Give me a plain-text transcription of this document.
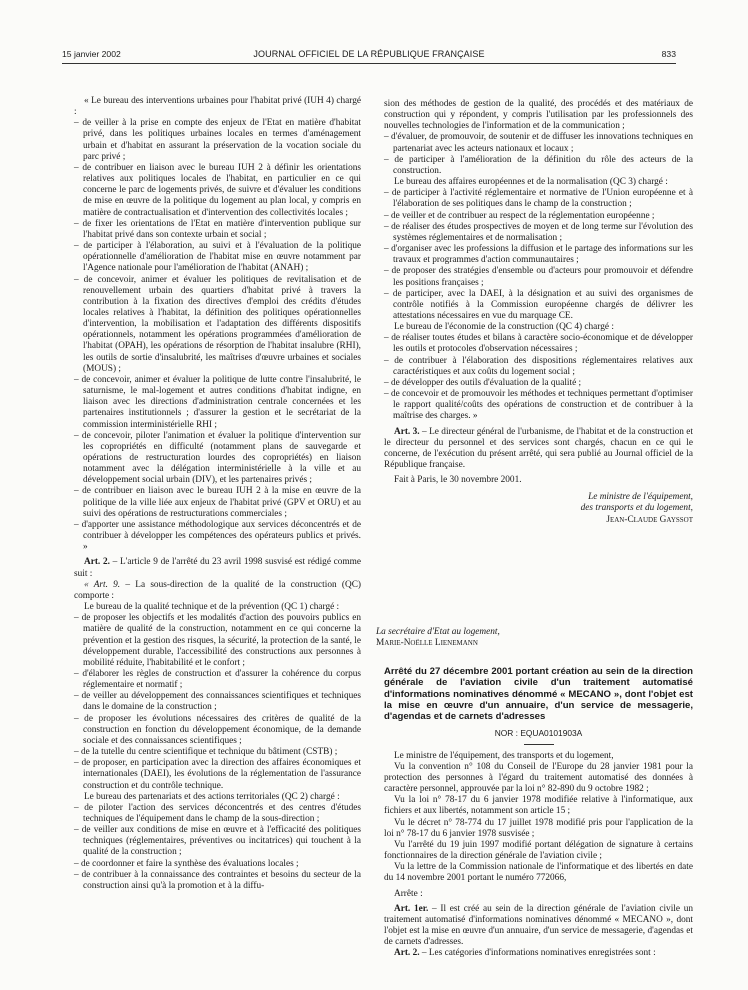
15 janvier 2002	JOURNAL OFFICIEL DE LA RÉPUBLIQUE FRANÇAISE	833

« Le bureau des interventions urbaines pour l'habitat privé (IUH 4) chargé :

– de veiller à la prise en compte des enjeux de l'Etat en matière d'habitat privé, dans les politiques urbaines locales en termes d'aménagement urbain et d'habitat en assurant la préservation de la vocation sociale du parc privé ;

– de contribuer en liaison avec le bureau IUH 2 à définir les orientations relatives aux politiques locales de l'habitat, en particulier en ce qui concerne le parc de logements privés, de suivre et d'évaluer les conditions de mise en œuvre de la politique du logement au plan local, y compris en matière de contractualisation et d'intervention des collectivités locales ;

– de fixer les orientations de l'Etat en matière d'intervention publique sur l'habitat privé dans son contexte urbain et social ;

– de participer à l'élaboration, au suivi et à l'évaluation de la politique opérationnelle d'amélioration de l'habitat mise en œuvre notamment par l'Agence nationale pour l'amélioration de l'habitat (ANAH) ;

– de concevoir, animer et évaluer les politiques de revitalisation et de renouvellement urbain des quartiers d'habitat privé à travers la contribution à la fixation des directives d'emploi des crédits d'études locales relatives à l'habitat, la définition des politiques opérationnelles d'intervention, la mobilisation et l'adaptation des différents dispositifs opérationnels, notamment les opérations programmées d'amélioration de l'habitat (OPAH), les opérations de résorption de l'habitat insalubre (RHI), les outils de sortie d'insalubrité, les maîtrises d'œuvre urbaines et sociales (MOUS) ;

– de concevoir, animer et évaluer la politique de lutte contre l'insalubrité, le saturnisme, le mal-logement et autres conditions d'habitat indigne, en liaison avec les directions d'administration centrale concernées et les partenaires institutionnels ; d'assurer la gestion et le secrétariat de la commission interministérielle RHI ;

– de concevoir, piloter l'animation et évaluer la politique d'intervention sur les copropriétés en difficulté (notamment plans de sauvegarde et opérations de restructuration lourdes des copropriétés) en liaison notamment avec la délégation interministérielle à la ville et au développement social urbain (DIV), et les partenaires privés ;

– de contribuer en liaison avec le bureau IUH 2 à la mise en œuvre de la politique de la ville liée aux enjeux de l'habitat privé (GPV et ORU) et au suivi des opérations de restructurations commerciales ;

– d'apporter une assistance méthodologique aux services déconcentrés et de contribuer à développer les compétences des opérateurs publics et privés. »

Art. 2. – L'article 9 de l'arrêté du 23 avril 1998 susvisé est rédigé comme suit :

« Art. 9. – La sous-direction de la qualité de la construction (QC) comporte :

Le bureau de la qualité technique et de la prévention (QC 1) chargé :

– de proposer les objectifs et les modalités d'action des pouvoirs publics en matière de qualité de la construction, notamment en ce qui concerne la prévention et la gestion des risques, la sécurité, la protection de la santé, le développement durable, l'accessibilité des constructions aux personnes à mobilité réduite, l'habitabilité et le confort ;

– d'élaborer les règles de construction et d'assurer la cohérence du corpus réglementaire et normatif ;

– de veiller au développement des connaissances scientifiques et techniques dans le domaine de la construction ;

– de proposer les évolutions nécessaires des critères de qualité de la construction en fonction du développement économique, de la demande sociale et des connaissances scientifiques ;

– de la tutelle du centre scientifique et technique du bâtiment (CSTB) ;

– de proposer, en participation avec la direction des affaires économiques et internationales (DAEI), les évolutions de la réglementation de l'assurance construction et du contrôle technique.

Le bureau des partenariats et des actions territoriales (QC 2) chargé :

– de piloter l'action des services déconcentrés et des centres d'études techniques de l'équipement dans le champ de la sous-direction ;

– de veiller aux conditions de mise en œuvre et à l'efficacité des politiques techniques (réglementaires, préventives ou incitatrices) qui touchent à la qualité de la construction ;

– de coordonner et faire la synthèse des évaluations locales ;

– de contribuer à la connaissance des contraintes et besoins du secteur de la construction ainsi qu'à la promotion et à la diffu-

sion des méthodes de gestion de la qualité, des procédés et des matériaux de construction qui y répondent, y compris l'utilisation par les professionnels des nouvelles technologies de l'information et de la communication ;

– d'évaluer, de promouvoir, de soutenir et de diffuser les innovations techniques en partenariat avec les acteurs nationaux et locaux ;

– de participer à l'amélioration de la définition du rôle des acteurs de la construction.

Le bureau des affaires européennes et de la normalisation (QC 3) chargé :

– de participer à l'activité réglementaire et normative de l'Union européenne et à l'élaboration de ses politiques dans le champ de la construction ;

– de veiller et de contribuer au respect de la réglementation européenne ;

– de réaliser des études prospectives de moyen et de long terme sur l'évolution des systèmes réglementaires et de normalisation ;

– d'organiser avec les professions la diffusion et le partage des informations sur les travaux et programmes d'action communautaires ;

– de proposer des stratégies d'ensemble ou d'acteurs pour promouvoir et défendre les positions françaises ;

– de participer, avec la DAEI, à la désignation et au suivi des organismes de contrôle notifiés à la Commission européenne chargés de délivrer les attestations nécessaires en vue du marquage CE.

Le bureau de l'économie de la construction (QC 4) chargé :

– de réaliser toutes études et bilans à caractère socio-économique et de développer les outils et protocoles d'observation nécessaires ;

– de contribuer à l'élaboration des dispositions réglementaires relatives aux caractéristiques et aux coûts du logement social ;

– de développer des outils d'évaluation de la qualité ;

– de concevoir et de promouvoir les méthodes et techniques permettant d'optimiser le rapport qualité/coûts des opérations de construction et de contribuer à la maîtrise des charges. »

Art. 3. – Le directeur général de l'urbanisme, de l'habitat et de la construction et le directeur du personnel et des services sont chargés, chacun en ce qui le concerne, de l'exécution du présent arrêté, qui sera publié au Journal officiel de la République française.

Fait à Paris, le 30 novembre 2001.

Le ministre de l'équipement,

des transports et du logement,

Jean-Claude Gayssot

La secrétaire d'Etat au logement,

Marie-Noëlle Lienemann

Arrêté du 27 décembre 2001 portant création au sein de la direction générale de l'aviation civile d'un traitement automatisé d'informations nominatives dénommé « MECANO », dont l'objet est la mise en œuvre d'un annuaire, d'un service de messagerie, d'agendas et de carnets d'adresses

NOR : EQUA0101903A

Le ministre de l'équipement, des transports et du logement,

Vu la convention n° 108 du Conseil de l'Europe du 28 janvier 1981 pour la protection des personnes à l'égard du traitement automatisé des données à caractère personnel, approuvée par la loi n° 82-890 du 9 octobre 1982 ;

Vu la loi n° 78-17 du 6 janvier 1978 modifiée relative à l'informatique, aux fichiers et aux libertés, notamment son article 15 ;

Vu le décret n° 78-774 du 17 juillet 1978 modifié pris pour l'application de la loi n° 78-17 du 6 janvier 1978 susvisée ;

Vu l'arrêté du 19 juin 1997 modifié portant délégation de signature à certains fonctionnaires de la direction générale de l'aviation civile ;

Vu la lettre de la Commission nationale de l'informatique et des libertés en date du 14 novembre 2001 portant le numéro 772066,

Arrête :

Art. 1er. – Il est créé au sein de la direction générale de l'aviation civile un traitement automatisé d'informations nominatives dénommé « MECANO », dont l'objet est la mise en œuvre d'un annuaire, d'un service de messagerie, d'agendas et de carnets d'adresses.

Art. 2. – Les catégories d'informations nominatives enregistrées sont :
